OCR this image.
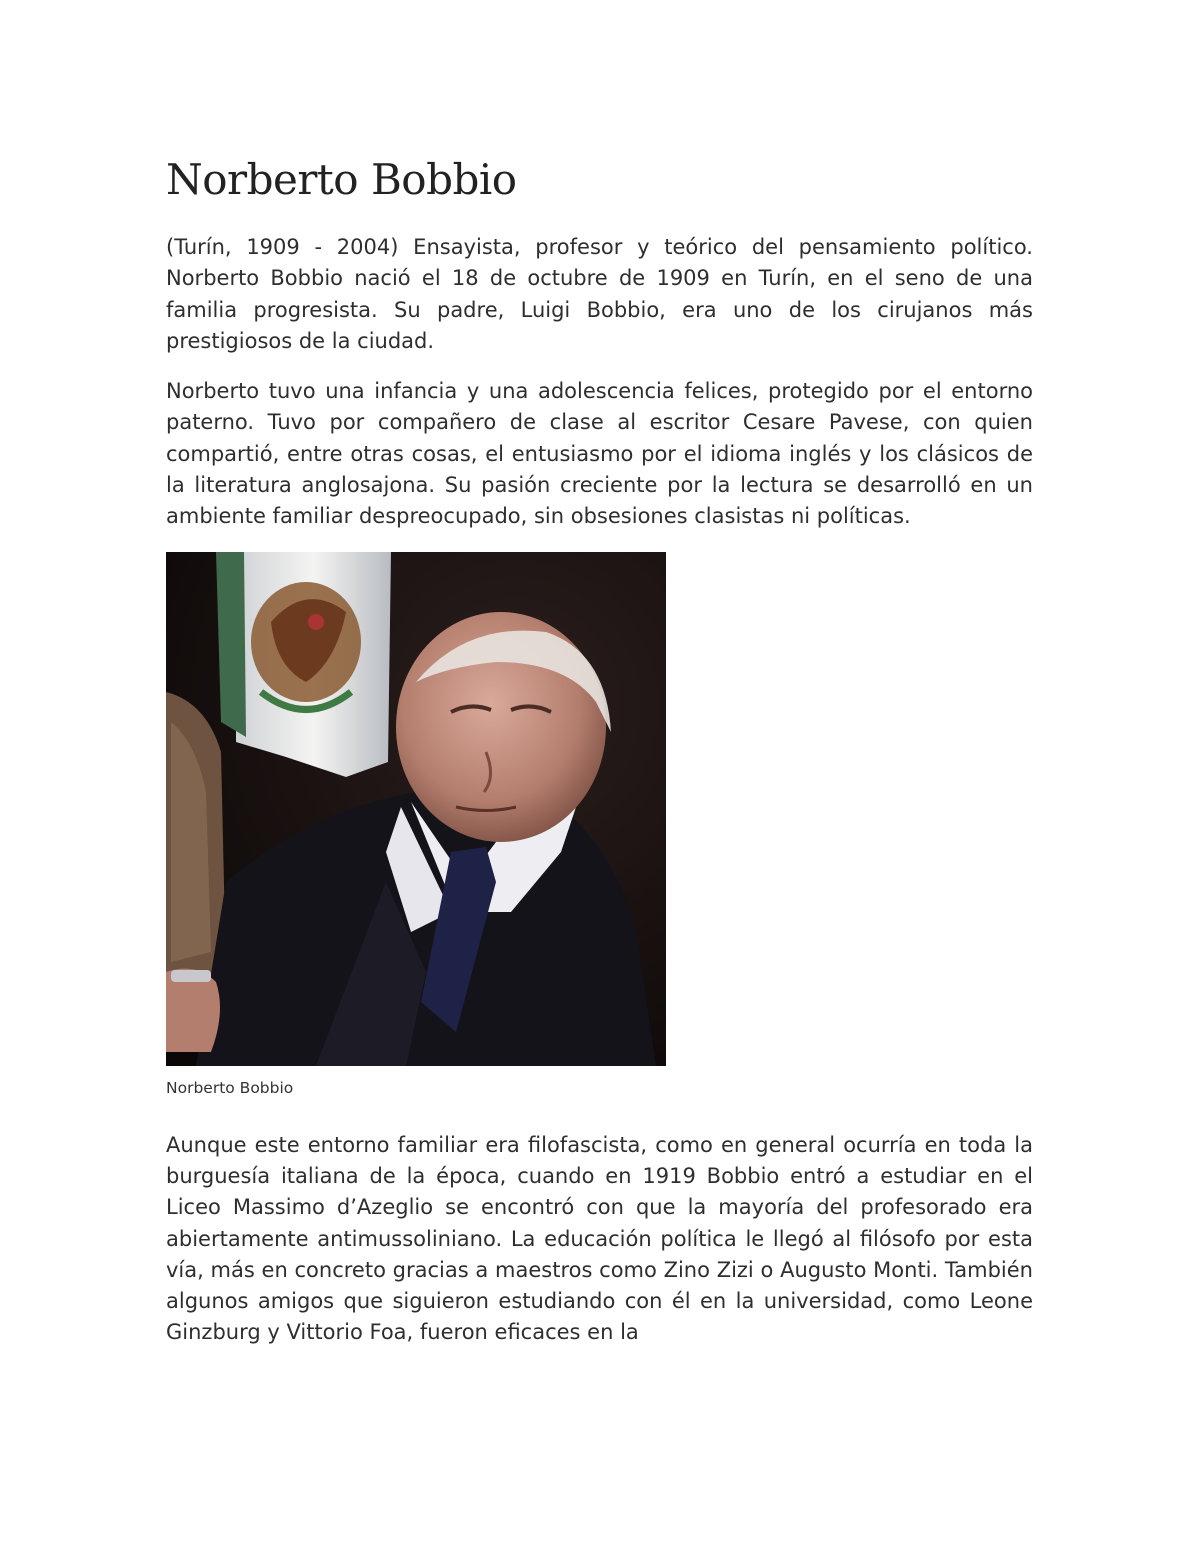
Norberto Bobbio

(Turín, 1909 - 2004) Ensayista, profesor y teórico del pensamiento político. Norberto Bobbio nació el 18 de octubre de 1909 en Turín, en el seno de una familia progresista. Su padre, Luigi Bobbio, era uno de los cirujanos más prestigiosos de la ciudad.

Norberto tuvo una infancia y una adolescencia felices, protegido por el entorno paterno. Tuvo por compañero de clase al escritor Cesare Pavese, con quien compartió, entre otras cosas, el entusiasmo por el idioma inglés y los clásicos de la literatura anglosajona. Su pasión creciente por la lectura se desarrolló en un ambiente familiar despreocupado, sin obsesiones clasistas ni políticas.

Norberto Bobbio

Aunque este entorno familiar era filofascista, como en general ocurría en toda la burguesía italiana de la época, cuando en 1919 Bobbio entró a estudiar en el Liceo Massimo d’Azeglio se encontró con que la mayoría del profesorado era abiertamente antimussoliniano. La educación política le llegó al filósofo por esta vía, más en concreto gracias a maestros como Zino Zizi o Augusto Monti. También algunos amigos que siguieron estudiando con él en la universidad, como Leone Ginzburg y Vittorio Foa, fueron eficaces en la
